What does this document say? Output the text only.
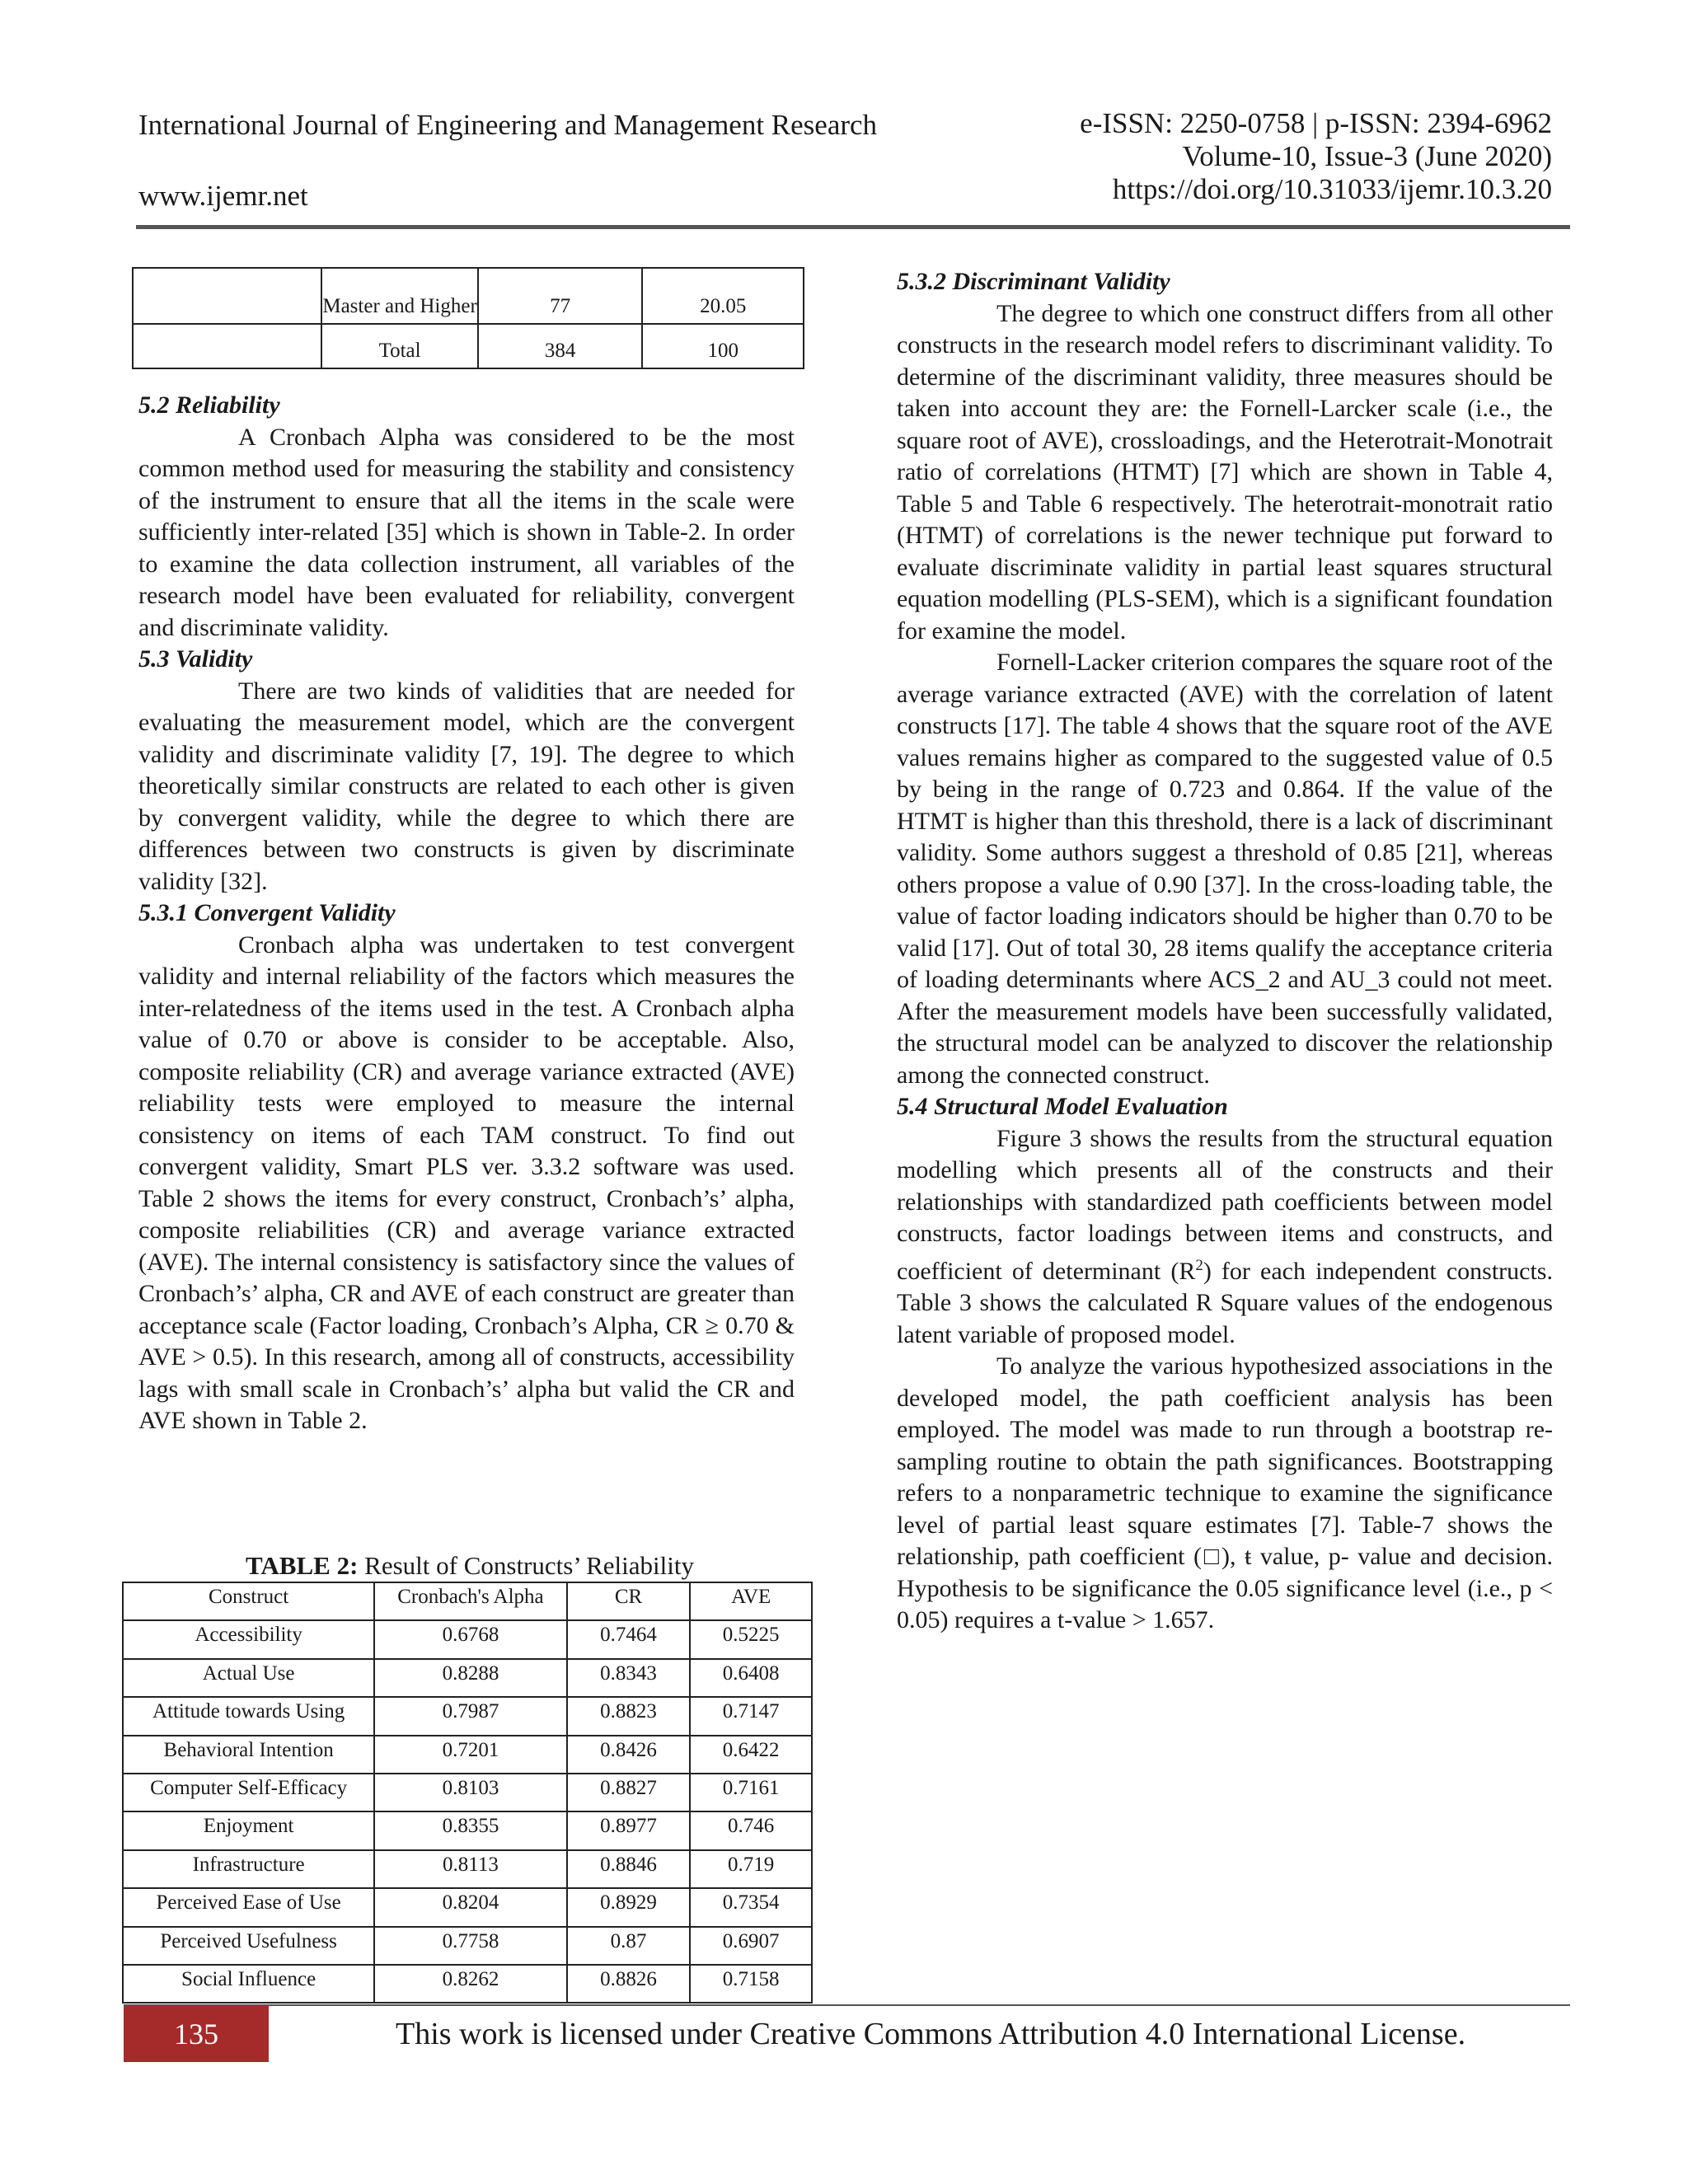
International Journal of Engineering and Management Research	e-ISSN: 2250-0758 | p-ISSN: 2394-6962
Volume-10, Issue-3 (June 2020)
https://doi.org/10.31033/ijemr.10.3.20
www.ijemr.net
	Master and Higher	77	20.05
	Total	384	100
5.2 Reliability

A Cronbach Alpha was considered to be the most common method used for measuring the stability and consistency of the instrument to ensure that all the items in the scale were sufficiently inter-related [35] which is shown in Table-2. In order to examine the data collection instrument, all variables of the research model have been evaluated for reliability, convergent and discriminate validity.

5.3 Validity

There are two kinds of validities that are needed for evaluating the measurement model, which are the convergent validity and discriminate validity [7, 19]. The degree to which theoretically similar constructs are related to each other is given by convergent validity, while the degree to which there are differences between two constructs is given by discriminate validity [32].

5.3.1 Convergent Validity

Cronbach alpha was undertaken to test convergent validity and internal reliability of the factors which measures the inter-relatedness of the items used in the test. A Cronbach alpha value of 0.70 or above is consider to be acceptable. Also, composite reliability (CR) and average variance extracted (AVE) reliability tests were employed to measure the internal consistency on items of each TAM construct. To find out convergent validity, Smart PLS ver. 3.3.2 software was used. Table 2 shows the items for every construct, Cronbach’s’ alpha, composite reliabilities (CR) and average variance extracted (AVE). The internal consistency is satisfactory since the values of Cronbach’s’ alpha, CR and AVE of each construct are greater than acceptance scale (Factor loading, Cronbach’s Alpha, CR ≥ 0.70 & AVE > 0.5). In this research, among all of constructs, accessibility lags with small scale in Cronbach’s’ alpha but valid the CR and AVE shown in Table 2.

TABLE 2: Result of Constructs’ Reliability
Construct	Cronbach's Alpha	CR	AVE
Accessibility	0.6768	0.7464	0.5225
Actual Use	0.8288	0.8343	0.6408
Attitude towards Using	0.7987	0.8823	0.7147
Behavioral Intention	0.7201	0.8426	0.6422
Computer Self-Efficacy	0.8103	0.8827	0.7161
Enjoyment	0.8355	0.8977	0.746
Infrastructure	0.8113	0.8846	0.719
Perceived Ease of Use	0.8204	0.8929	0.7354
Perceived Usefulness	0.7758	0.87	0.6907
Social Influence	0.8262	0.8826	0.7158
5.3.2 Discriminant Validity

The degree to which one construct differs from all other constructs in the research model refers to discriminant validity. To determine of the discriminant validity, three measures should be taken into account they are: the Fornell-Larcker scale (i.e., the square root of AVE), crossloadings, and the Heterotrait-Monotrait ratio of correlations (HTMT) [7] which are shown in Table 4, Table 5 and Table 6 respectively. The heterotrait-monotrait ratio (HTMT) of correlations is the newer technique put forward to evaluate discriminate validity in partial least squares structural equation modelling (PLS-SEM), which is a significant foundation for examine the model.

Fornell-Lacker criterion compares the square root of the average variance extracted (AVE) with the correlation of latent constructs [17]. The table 4 shows that the square root of the AVE values remains higher as compared to the suggested value of 0.5 by being in the range of 0.723 and 0.864. If the value of the HTMT is higher than this threshold, there is a lack of discriminant validity. Some authors suggest a threshold of 0.85 [21], whereas others propose a value of 0.90 [37]. In the cross-loading table, the value of factor loading indicators should be higher than 0.70 to be valid [17]. Out of total 30, 28 items qualify the acceptance criteria of loading determinants where ACS_2 and AU_3 could not meet. After the measurement models have been successfully validated, the structural model can be analyzed to discover the relationship among the connected construct.

5.4 Structural Model Evaluation

Figure 3 shows the results from the structural equation modelling which presents all of the constructs and their relationships with standardized path coefficients between model constructs, factor loadings between items and constructs, and coefficient of determinant $(R^2)$ for each independent constructs. Table 3 shows the calculated R Square values of the endogenous latent variable of proposed model.

To analyze the various hypothesized associations in the developed model, the path coefficient analysis has been employed. The model was made to run through a bootstrap re-sampling routine to obtain the path significances. Bootstrapping refers to a nonparametric technique to examine the significance level of partial least square estimates [7]. Table-7 shows the relationship, path coefficient (□), ŧ value, p- value and decision. Hypothesis to be significance the 0.05 significance level (i.e., p < 0.05) requires a t-value > 1.657.

135	This work is licensed under Creative Commons Attribution 4.0 International License.
